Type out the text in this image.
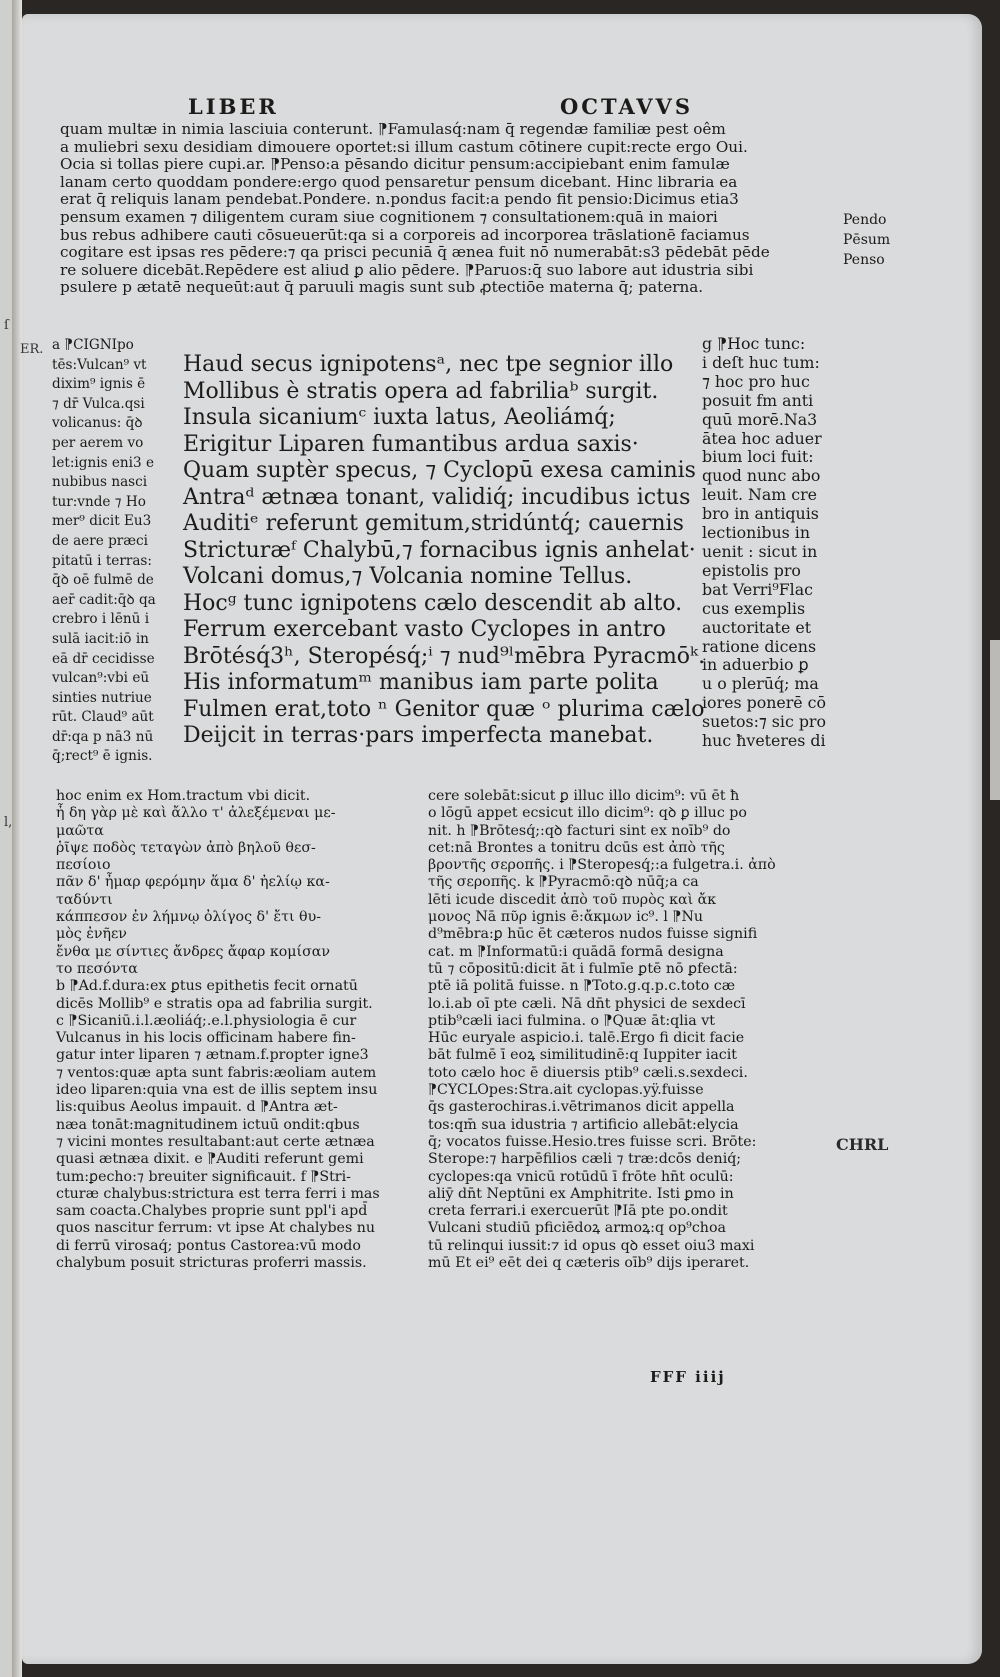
ſ
ER.
l,
LIBER	OCTAVVS
quam multæ in nimia lasciuia conterunt. ⁋Famulasq́:nam q̄ regendæ familiæ pest oêm
a muliebri sexu desidiam dimouere oportet:si illum castum cōtinere cupit:recte ergo Oui.
Ocia si tollas piere cupi.ar. ⁋Penso:a pēsando dicitur pensum:accipiebant enim famulæ
lanam certo quoddam pondere:ergo quod pensaretur pensum dicebant. Hinc libraria ea
erat q̄ reliquis lanam pendebat.Pondere. n.pondus facit:a pendo fit pensio:Dicimus etia3
pensum examen ⁊ diligentem curam siue cognitionem ⁊ consultationem:quā in maiori
bus rebus adhibere cauti cōsueuerūt:qa si a corporeis ad incorporea trāslationē faciamus
cogitare est ipsas res pēdere:⁊ qa prisci pecuniā q̄ ænea fuit nō numerabāt:s3 pēdebāt pēde
re soluere dicebāt.Repēdere est aliud ꝑ alio pēdere. ⁋Paruos:q̄ suo labore aut idustria sibi
psulere p ætatē nequeūt:aut q̄ paruuli magis sunt sub ꝓtectiōe materna q̄; paterna.
Pendo
Pēsum
Penso
a ⁋CIGNIpo
tēs:Vulcan⁹ vt
dixim⁹ ignis ē
⁊ dr̄ Vulca.qsi
volicanus: q̄ꝺ
per aerem vo
let:ignis eni3 e
nubibus nasci
tur:vnde ⁊ Ho
mer⁹ dicit Eu3
de aere præci
pitatū i terras:
q̄ꝺ oē fulmē de
aer̄ cadit:q̄ꝺ qa
crebro i lēnū i
sulā iacit:iō in
eā dr̄ cecidisse
vulcan⁹:vbi eū
sinties nutriue
rūt. Claud⁹ aūt
dr̄:qa p nā3 nū
q̄;rect⁹ ē ignis.
Haud secus ignipotensᵃ, nec tpe segnior illo
Mollibus è stratis opera ad fabriliaᵇ surgit.
Insula sicaniumᶜ iuxta latus, Aeoliámq́;
Erigitur Liparen fumantibus ardua saxis·
Quam suptèr specus, ⁊ Cyclopū exesa caminis
Antraᵈ ætnæa tonant, validiq́; incudibus ictus
Auditiᵉ referunt gemitum,stridúntq́; cauernis
Stricturæᶠ Chalybū,⁊ fornacibus ignis anhelat·
Volcani domus,⁊ Volcania nomine Tellus.
Hocᵍ tunc ignipotens cælo descendit ab alto.
Ferrum exercebant vasto Cyclopes in antro
Brōtésq́3ʰ, Steropésq́;ⁱ ⁊ nud⁹ˡmēbra Pyracmōᵏ.
His informatumᵐ manibus iam parte polita
Fulmen erat,toto ⁿ Genitor quæ ᵒ plurima cælo
Deijcit in terras·pars imperfecta manebat.
g ⁋Hoc tunc:
i deſt huc tum:
⁊ hoc pro huc
posuit fm anti
quū morē.Na3
ātea hoc aduer
bium loci fuit:
quod nunc abo
leuit. Nam cre
bro in antiquis
lectionibus in
uenit : sicut in
epistolis pro
bat Verri⁹Flac
cus exemplis
auctoritate et
ratione dicens
in aduerbio ꝑ
u o plerūq́; ma
iores ponerē cō
suetos:⁊ sic pro
huc ħveteres di
hoc enim ex Hom.tractum vbi dicit.
ἦ δη γὰρ μὲ καὶ ἄλλο τ' ἀλεξέμεναι με-
μαῶτα
ῥῖψε ποδὸς τεταγὼν ἀπὸ βηλοῦ θεσ-
πεσίοιο
πᾶν δ' ἦμαρ φερόμην ἅμα δ' ἠελίῳ κα-
ταδύντι
κάππεσον ἐν λήμνῳ ὀλίγος δ' ἔτι θυ-
μὸς ἐνῆεν
ἔνθα με σίντιες ἄνδρες ἄφαρ κομίσαν
το πεσόντα
b ⁋Ad.f.dura:ex ꝑtus epithetis fecit ornatū
dicēs Mollib⁹ e stratis opa ad fabrilia surgit.
c ⁋Sicaniū.i.l.æoliáq́;.e.l.physiologia ē cur
Vulcanus in his locis officinam habere fin-
gatur inter liparen ⁊ ætnam.f.propter igne3
⁊ ventos:quæ apta sunt fabris:æoliam autem
ideo liparen:quia vna est de illis septem insu
lis:quibus Aeolus impauit. d ⁋Antra æt-
næa tonāt:magnitudinem ictuū ondit:qbus
⁊ vicini montes resultabant:aut certe ætnæa
quasi ætnæa dixit. e ⁋Auditi referunt gemi
tum:ꝑecho:⁊ breuiter significauit. f ⁋Stri-
cturæ chalybus:strictura est terra ferri i mas
sam coacta.Chalybes proprie sunt ppl'i apd̄
quos nascitur ferrum: vt ipse At chalybes nu
di ferrū virosaq́; pontus Castorea:vū modo
chalybum posuit stricturas proferri massis.
cere solebāt:sicut ꝑ illuc illo dicim⁹: vū ēt ħ
o lōgū appet ecsicut illo dicim⁹: qꝺ ꝑ illuc po
nit. h ⁋Brōtesq́;:qꝺ facturi sint ex noīb⁹ do
cet:nā Brontes a tonitru dcūs est ἀπὸ τῆς
βροντῆς σεροπῆς. i ⁋Steropesq́;:a fulgetra.i. ἀπὸ
τῆς σεροπῆς. k ⁋Pyracmō:qꝺ nūq̄;a ca
lēti icude discedit ἀπὸ τοῦ πυρὸς καὶ ἄκ
μονος Nā πῦρ ignis ē:ἄκμων ic⁹. l ⁋Nu
d⁹mēbra:ꝑ hūc ēt cæteros nudos fuisse signifi
cat. m ⁋Informatū:i quādā formā designa
tū ⁊ cōpositū:dicit āt i fulmīe ꝑtē nō ꝑfectā:
ptē iā politā fuisse. n ⁋Toto.g.q.p.c.toto cæ
lo.i.ab oī pte cæli. Nā dn̄t physici de sexdecī
ptib⁹cæli iaci fulmina. o ⁋Quæ āt:qlia vt
Hūc euryale aspicio.i. talē.Ergo fi dicit facie
bāt fulmē ī eoꝝ similitudinē:q Iuppiter iacit
toto cælo hoc ē diuersis ptib⁹ cæli.s.sexdeci.
⁋CYCLOpes:Stra.ait cyclopas.yÿ.fuisse
q̄s gasterochiras.i.vētrimanos dicit appella
tos:qm̄ sua idustria ⁊ artificio allebāt:elycia
q̄; vocatos fuisse.Hesio.tres fuisse scri. Brōte:
Sterope:⁊ harpēfilios cæli ⁊ træ:dcōs deniq́;
cyclopes:qa vnicū rotūdū ī frōte hn̄t oculū:
aliȳ dn̄t Neptūni ex Amphitrite. Isti ꝑmo in
creta ferrari.i exercuerūt ⁋Iā pte po.ondit
Vulcani studiū pficiēdoꝝ armoꝝ:q op⁹choa
tū relinqui iussit:⁊ id opus qꝺ esset oiu3 maxi
mū Et ei⁹ eēt dei q cæteris oīb⁹ dijs iperaret.
CHRL
FFF iiij
